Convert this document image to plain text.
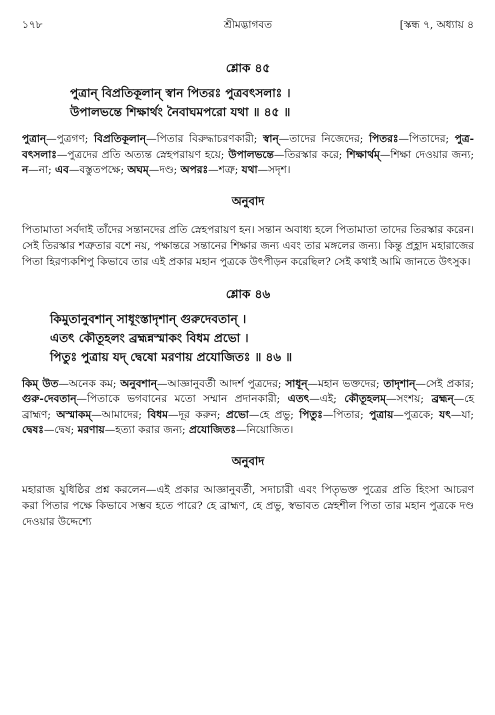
১৭৮	শ্রীমদ্ভাগবত	[স্কন্ধ ৭, অধ্যায় ৪
শ্লোক ৪৫
পুত্রান্ বিপ্রতিকূলান্ স্বান পিতরঃ পুত্রবৎসলাঃ ।
উপালভন্তে শিক্ষার্থং নৈবাঘমপরো যথা ॥ ৪৫ ॥
পুত্রান্—পুত্রগণ; বিপ্রতিকূলান্—পিতার বিরুদ্ধাচরণকারী; স্বান্—তাদের নিজেদের; পিতরঃ—পিতাদের; পুত্র-বৎসলাঃ—পুত্রদের প্রতি অত্যন্ত স্নেহপরায়ণ হয়ে; উপালভন্তে—তিরস্কার করে; শিক্ষার্থম্—শিক্ষা দেওয়ার জন্য; ন—না; এব—বস্তুতপক্ষে; অঘম্—দণ্ড; অপরঃ—শত্রু; যথা—সদৃশ।
অনুবাদ
পিতামাতা সর্বদাই তাঁদের সন্তানদের প্রতি স্নেহপরায়ণ হন। সন্তান অবাধ্য হলে পিতামাতা তাদের তিরস্কার করেন। সেই তিরস্কার শত্রুতার বশে নয়, পক্ষান্তরে সন্তানের শিক্ষার জন্য এবং তার মঙ্গলের জন্য। কিন্তু প্রহ্লাদ মহারাজের পিতা হিরণ্যকশিপু কিভাবে তার এই প্রকার মহান পুত্রকে উৎপীড়ন করেছিল? সেই কথাই আমি জানতে উৎসুক।
শ্লোক ৪৬
কিমুতানুবশান্ সাধূংস্তাদৃশান্ গুরুদেবতান্ ।
এতৎ কৌতূহলং ব্রহ্মন্নস্মাকং বিধম প্রভো ।
পিতুঃ পুত্রায় যদ্ দ্বেষো মরণায় প্রযোজিতঃ ॥ ৪৬ ॥
কিম্ উত—অনেক কম; অনুবশান্—আজ্ঞানুবর্তী আদর্শ পুত্রদের; সাধূন্—মহান ভক্তদের; তাদৃশান্—সেই প্রকার; গুরু-দেবতান্—পিতাকে ভগবানের মতো সম্মান প্রদানকারী; এতৎ—এই; কৌতূহলম্—সংশয়; ব্রহ্মন্—হে ব্রাহ্মণ; অস্মাকম্—আমাদের; বিধম—দূর করুন; প্রভো—হে প্রভু; পিতুঃ—পিতার; পুত্রায়—পুত্রকে; যৎ—যা; দ্বেষঃ—দ্বেষ; মরণায়—হত্যা করার জন্য; প্রযোজিতঃ—নিয়োজিত।
অনুবাদ
মহারাজ যুধিষ্ঠির প্রশ্ন করলেন—এই প্রকার আজ্ঞানুবর্তী, সদাচারী এবং পিতৃভক্ত পুত্রের প্রতি হিংসা আচরণ করা পিতার পক্ষে কিভাবে সম্ভব হতে পারে? হে ব্রাহ্মণ, হে প্রভু, স্বভাবত স্নেহশীল পিতা তার মহান পুত্রকে দণ্ড দেওয়ার উদ্দেশ্যে
